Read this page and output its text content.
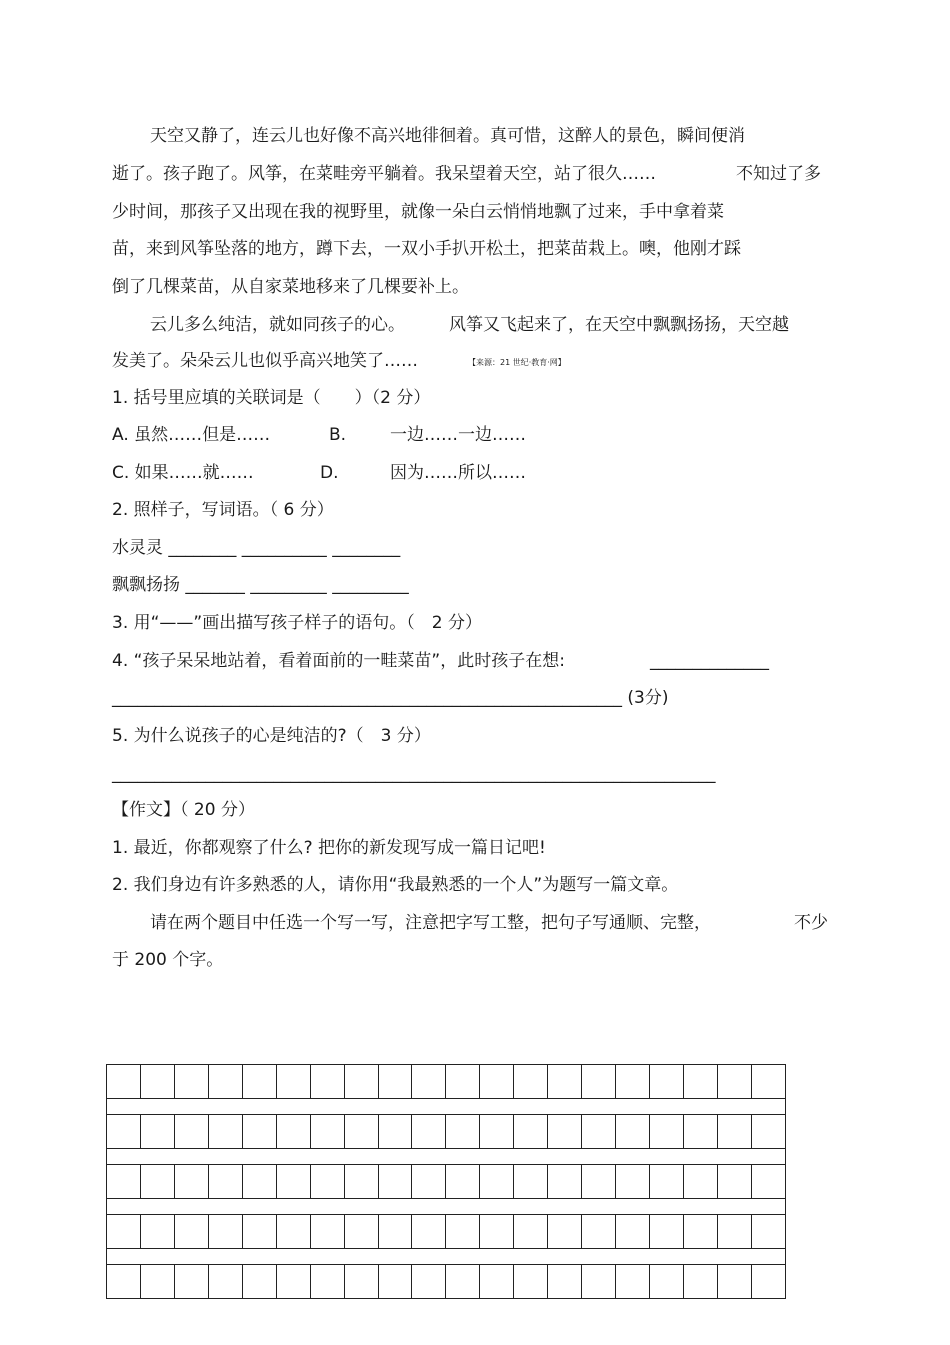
天空又静了，连云儿也好像不高兴地徘徊着。真可惜，这醉人的景色，瞬间便消
逝了。孩子跑了。风筝，在菜畦旁平躺着。我呆望着天空，站了很久……	不知过了多
少时间，那孩子又出现在我的视野里，就像一朵白云悄悄地飘了过来，手中拿着菜
苗，来到风筝坠落的地方，蹲下去，一双小手扒开松土，把菜苗栽上。噢，他刚才踩
倒了几棵菜苗，从自家菜地移来了几棵要补上。
云儿多么纯洁，就如同孩子的心。	风筝又飞起来了，在天空中飘飘扬扬，天空越
发美了。朵朵云儿也似乎高兴地笑了……	【来源：21 世纪·教育·网】
1. 括号里应填的关联词是（　　）（2 分）
A. 虽然……但是……	B.	一边……一边……
C. 如果……就……	D.	因为……所以……
2. 照样子，写词语。（ 6 分）
水灵灵 ________ __________ ________
飘飘扬扬 _______ _________ _________
3. 用“——”画出描写孩子样子的语句。（　2 分）
4. “孩子呆呆地站着，看着面前的一畦菜苗”，此时孩子在想:	______________
____________________________________________________________ (3分)
5. 为什么说孩子的心是纯洁的?（　3 分）
_______________________________________________________________________
【作文】（ 20 分）
1. 最近，你都观察了什么? 把你的新发现写成一篇日记吧!
2. 我们身边有许多熟悉的人，请你用“我最熟悉的一个人”为题写一篇文章。
请在两个题目中任选一个写一写，注意把字写工整，把句子写通顺、完整，	不少
于 200 个字。
